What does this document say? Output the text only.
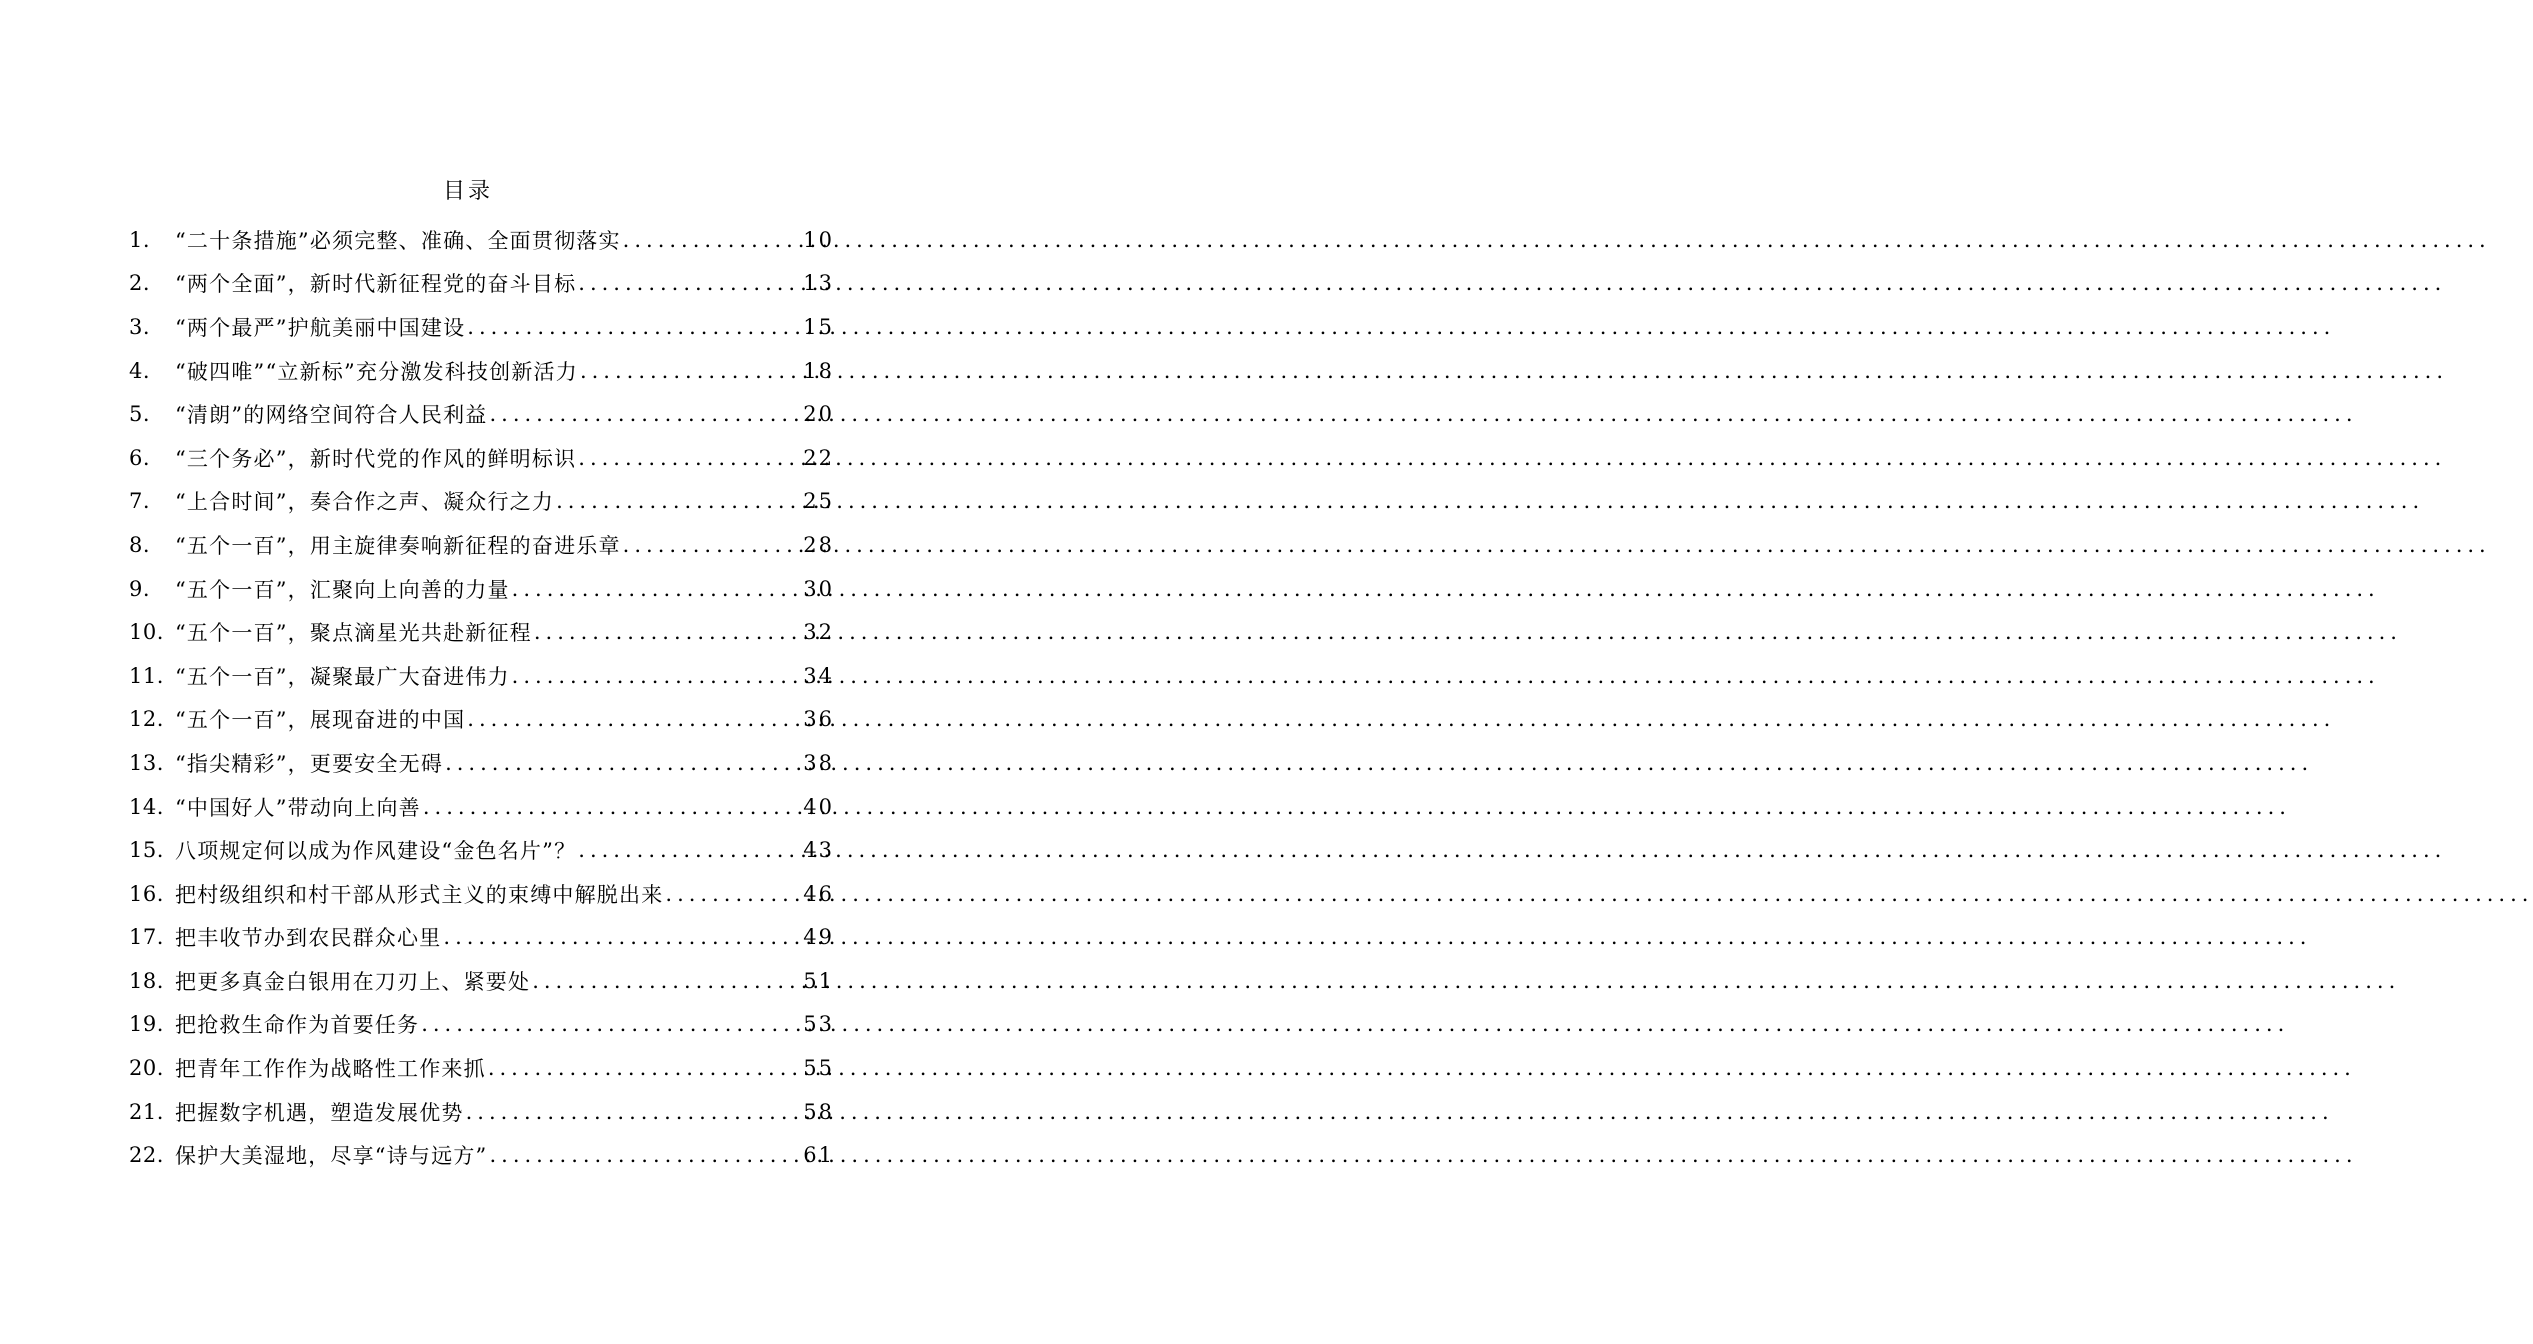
目录
1.	“二十条措施”必须完整、准确、全面贯彻落实 .....	10
2.	“两个全面”，新时代新征程党的奋斗目标 .....	13
3.	“两个最严”护航美丽中国建设 .....	15
4.	“破四唯”“立新标”充分激发科技创新活力 .....	18
5.	“清朗”的网络空间符合人民利益 .....	20
6.	“三个务必”，新时代党的作风的鲜明标识 .....	22
7.	“上合时间”，奏合作之声、凝众行之力 .....	25
8.	“五个一百”，用主旋律奏响新征程的奋进乐章 .....	28
9.	“五个一百”，汇聚向上向善的力量 .....	30
10. “五个一百”，聚点滴星光共赴新征程 .....	32
11. “五个一百”，凝聚最广大奋进伟力 .....	34
12. “五个一百”，展现奋进的中国 .....	36
13. “指尖精彩”，更要安全无碍 .....	38
14. “中国好人”带动向上向善 .....	40
15. 八项规定何以成为作风建设“金色名片”？ .....	43
16. 把村级组织和村干部从形式主义的束缚中解脱出来 .....	46
17. 把丰收节办到农民群众心里 .....	49
18. 把更多真金白银用在刀刃上、紧要处 .....	51
19. 把抢救生命作为首要任务 .....	53
20. 把青年工作作为战略性工作来抓 .....	55
21. 把握数字机遇，塑造发展优势 .....	58
22. 保护大美湿地，尽享“诗与远方” .....	61
